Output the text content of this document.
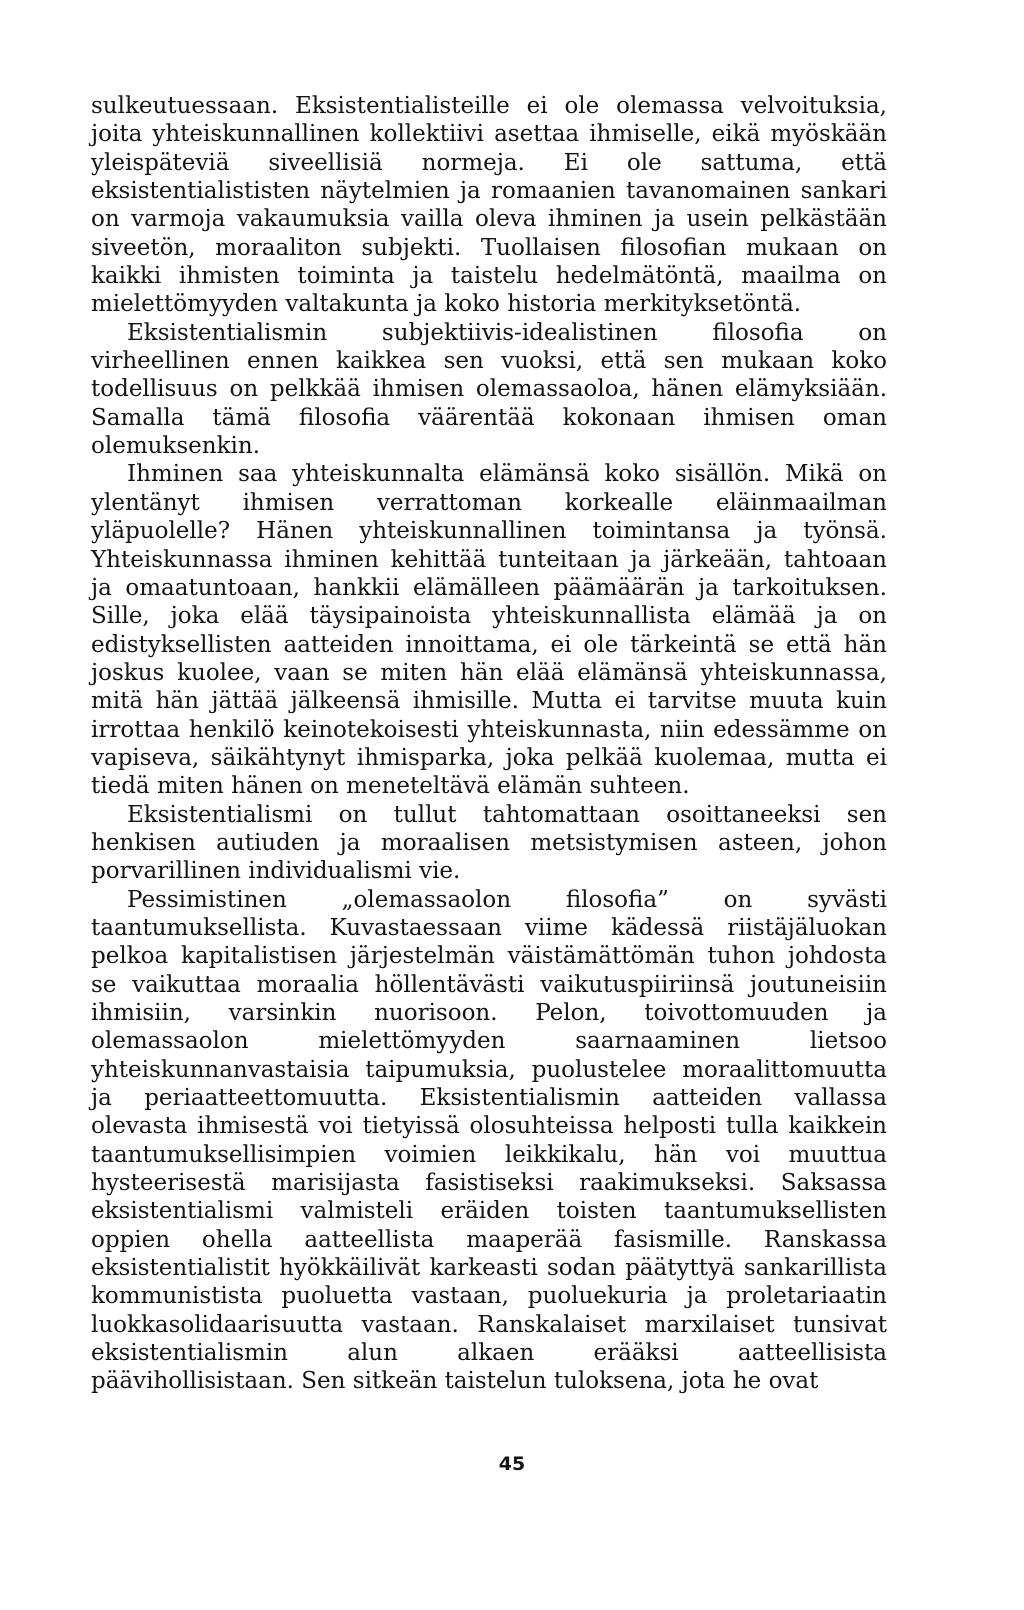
sulkeutuessaan. Eksistentialisteille ei ole olemassa velvoituksia, joita yhteiskunnallinen kollektiivi asettaa ihmiselle, eikä myöskään yleispäteviä siveellisiä normeja. Ei ole sattuma, että eksistentialististen näytelmien ja romaanien tavanomainen sankari on varmoja vakaumuksia vailla oleva ihminen ja usein pelkästään siveetön, moraaliton subjekti. Tuollaisen filosofian mukaan on kaikki ihmisten toiminta ja taistelu hedelmätöntä, maailma on mielettömyyden valtakunta ja koko historia merkityksetöntä.

Eksistentialismin subjektiivis-idealistinen filosofia on virheellinen ennen kaikkea sen vuoksi, että sen mukaan koko todellisuus on pelkkää ihmisen olemassaoloa, hänen elämyksiään. Samalla tämä filosofia väärentää kokonaan ihmisen oman olemuksenkin.

Ihminen saa yhteiskunnalta elämänsä koko sisällön. Mikä on ylentänyt ihmisen verrattoman korkealle eläinmaailman yläpuolelle? Hänen yhteiskunnallinen toimintansa ja työnsä. Yhteiskunnassa ihminen kehittää tunteitaan ja järkeään, tahtoaan ja omaatuntoaan, hankkii elämälleen päämäärän ja tarkoituksen. Sille, joka elää täysipainoista yhteiskunnallista elämää ja on edistyksellisten aatteiden innoittama, ei ole tärkeintä se että hän joskus kuolee, vaan se miten hän elää elämänsä yhteiskunnassa, mitä hän jättää jälkeensä ihmisille. Mutta ei tarvitse muuta kuin irrottaa henkilö keinotekoisesti yhteiskunnasta, niin edessämme on vapiseva, säikähtynyt ihmisparka, joka pelkää kuolemaa, mutta ei tiedä miten hänen on meneteltävä elämän suhteen.

Eksistentialismi on tullut tahtomattaan osoittaneeksi sen henkisen autiuden ja moraalisen metsistymisen asteen, johon porvarillinen individualismi vie.

Pessimistinen „olemassaolon filosofia” on syvästi taantumuksellista. Kuvastaessaan viime kädessä riistäjäluokan pelkoa kapitalistisen järjestelmän väistämättömän tuhon johdosta se vaikuttaa moraalia höllentävästi vaikutuspiiriinsä joutuneisiin ihmisiin, varsinkin nuorisoon. Pelon, toivottomuuden ja olemassaolon mielettömyyden saarnaaminen lietsoo yhteiskunnanvastaisia taipumuksia, puolustelee moraalittomuutta ja periaatteettomuutta. Eksistentialismin aatteiden vallassa olevasta ihmisestä voi tietyissä olosuhteissa helposti tulla kaikkein taantumuksellisimpien voimien leikkikalu, hän voi muuttua hysteerisestä marisijasta fasistiseksi raakimukseksi. Saksassa eksistentialismi valmisteli eräiden toisten taantumuksellisten oppien ohella aatteellista maaperää fasismille. Ranskassa eksistentialistit hyökkäilivät karkeasti sodan päätyttyä sankarillista kommunistista puoluetta vastaan, puoluekuria ja proletariaatin luokkasolidaarisuutta vastaan. Ranskalaiset marxilaiset tunsivat eksistentialismin alun alkaen erääksi aatteellisista päävihollisistaan. Sen sitkeän taistelun tuloksena, jota he ovat

45
